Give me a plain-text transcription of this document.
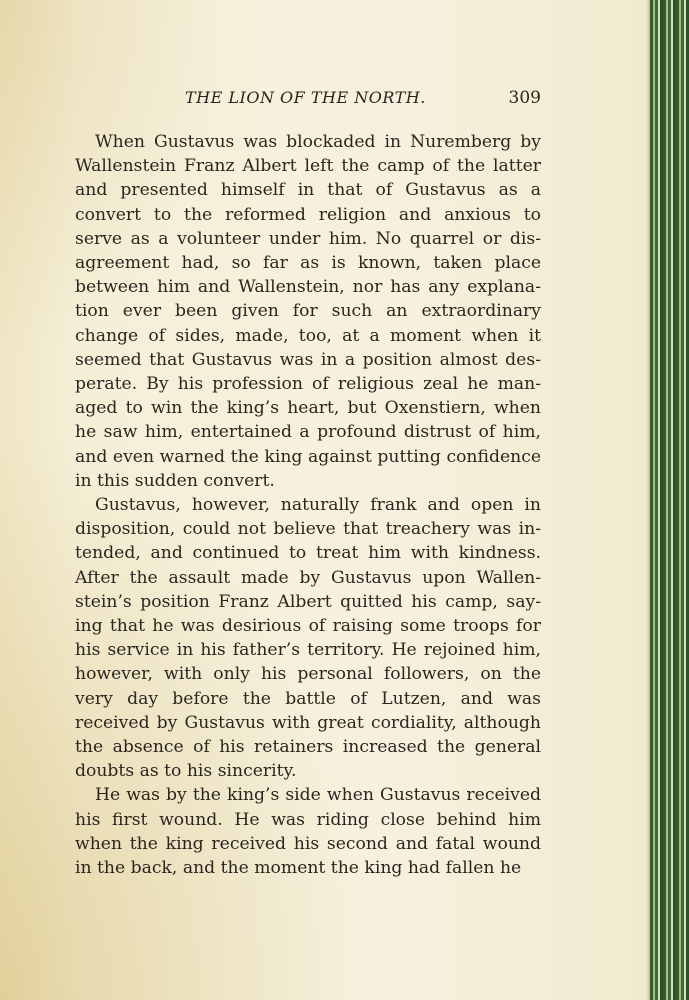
THE LION OF THE NORTH.	309

When Gustavus was blockaded in Nuremberg by Wallenstein Franz Albert left the camp of the latter and presented himself in that of Gustavus as a convert to the reformed religion and anxious to serve as a volunteer under him. No quarrel or disagreement had, so far as is known, taken place between him and Wallenstein, nor has any explanation ever been given for such an extraordinary change of sides, made, too, at a moment when it seemed that Gustavus was in a position almost desperate. By his profession of religious zeal he managed to win the king’s heart, but Oxenstiern, when he saw him, entertained a profound distrust of him, and even warned the king against putting confidence in this sudden convert.

Gustavus, however, naturally frank and open in disposition, could not believe that treachery was intended, and continued to treat him with kindness. After the assault made by Gustavus upon Wallenstein’s position Franz Albert quitted his camp, saying that he was desirious of raising some troops for his service in his father’s territory. He rejoined him, however, with only his personal followers, on the very day before the battle of Lutzen, and was received by Gustavus with great cordiality, although the absence of his retainers increased the general doubts as to his sincerity.

He was by the king’s side when Gustavus received his first wound. He was riding close behind him when the king received his second and fatal wound in the back, and the moment the king had fallen he
